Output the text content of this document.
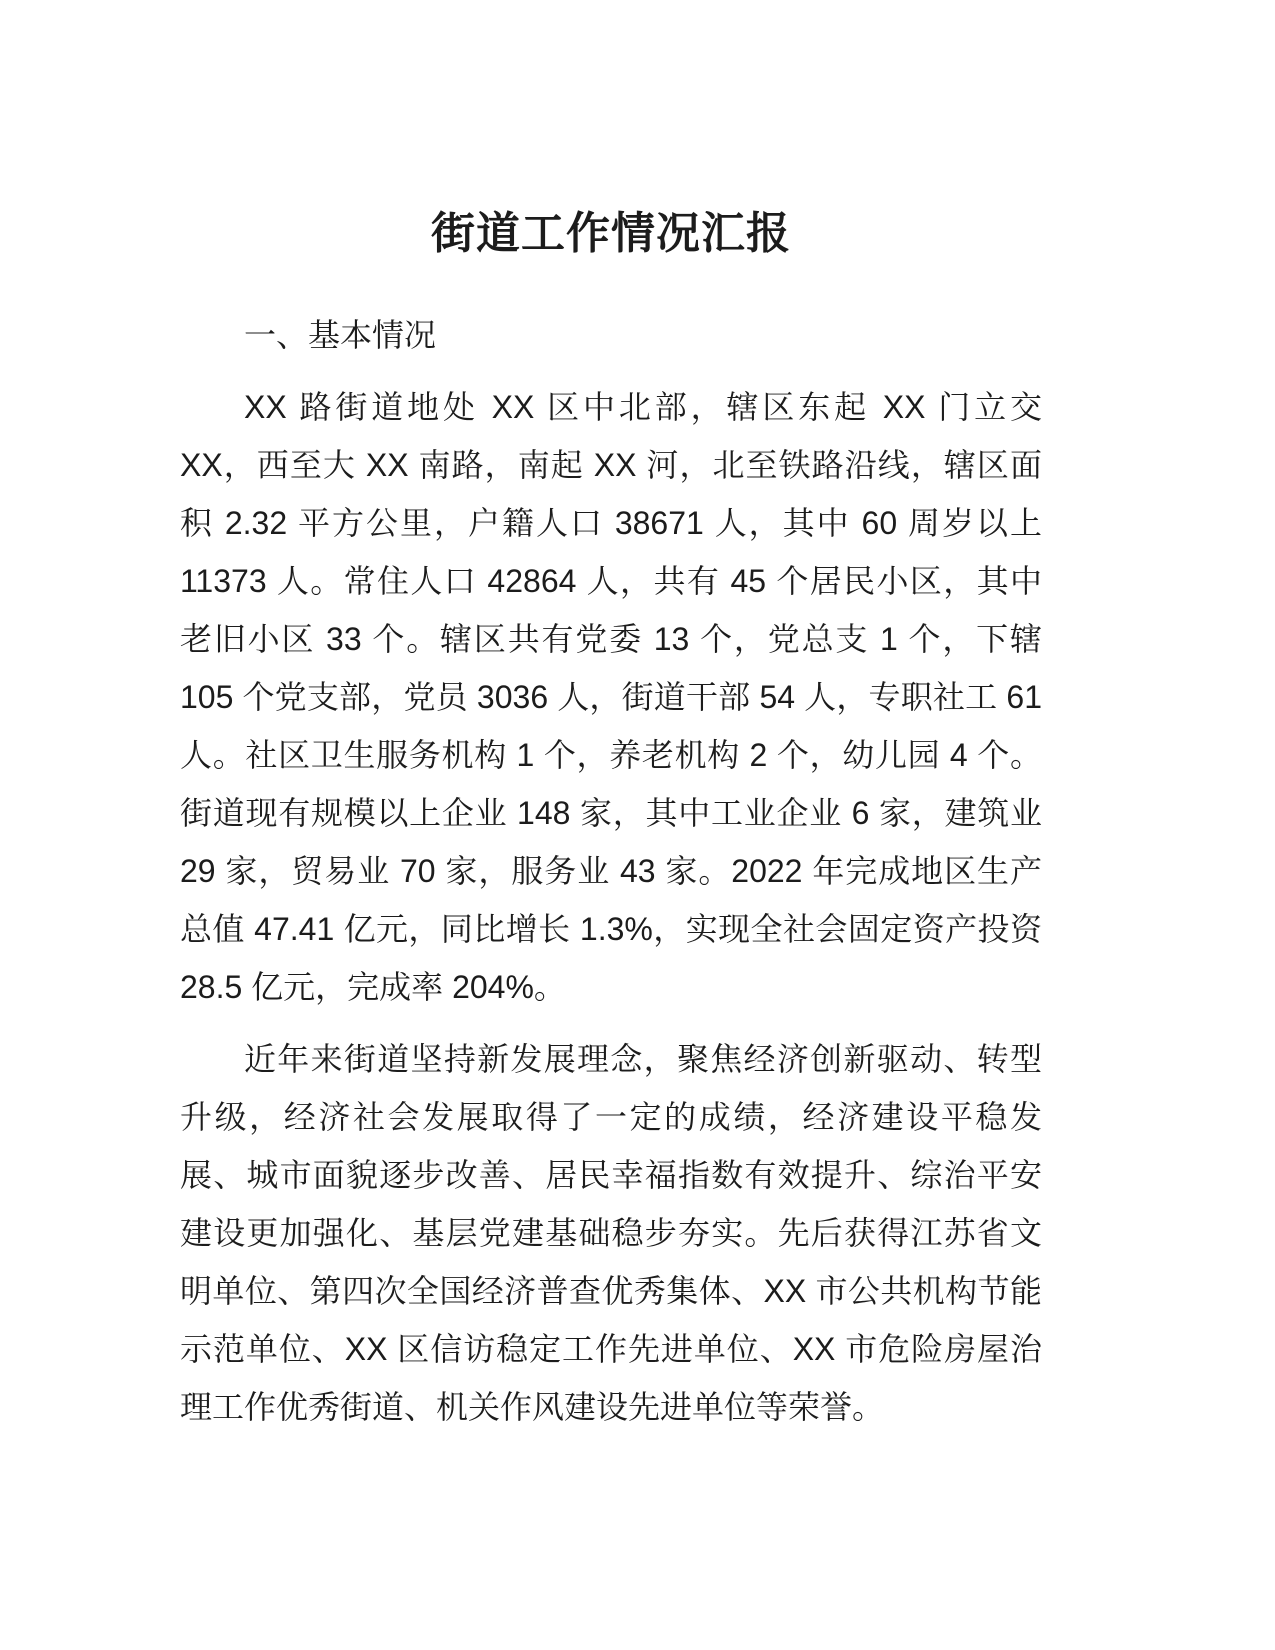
街道工作情况汇报
一、基本情况

XX 路街道地处 XX 区中北部，辖区东起 XX 门立交 XX，西至大 XX 南路，南起 XX 河，北至铁路沿线，辖区面积 2.32 平方公里，户籍人口 38671 人，其中 60 周岁以上 11373 人。常住人口 42864 人，共有 45 个居民小区，其中老旧小区 33 个。辖区共有党委 13 个，党总支 1 个，下辖 105 个党支部，党员 3036 人，街道干部 54 人，专职社工 61 人。社区卫生服务机构 1 个，养老机构 2 个，幼儿园 4 个。街道现有规模以上企业 148 家，其中工业企业 6 家，建筑业 29 家，贸易业 70 家，服务业 43 家。2022 年完成地区生产总值 47.41 亿元，同比增长 1.3%，实现全社会固定资产投资 28.5 亿元，完成率 204%。

近年来街道坚持新发展理念，聚焦经济创新驱动、转型升级，经济社会发展取得了一定的成绩，经济建设平稳发展、城市面貌逐步改善、居民幸福指数有效提升、综治平安建设更加强化、基层党建基础稳步夯实。先后获得江苏省文明单位、第四次全国经济普查优秀集体、XX 市公共机构节能示范单位、XX 区信访稳定工作先进单位、XX 市危险房屋治理工作优秀街道、机关作风建设先进单位等荣誉。
